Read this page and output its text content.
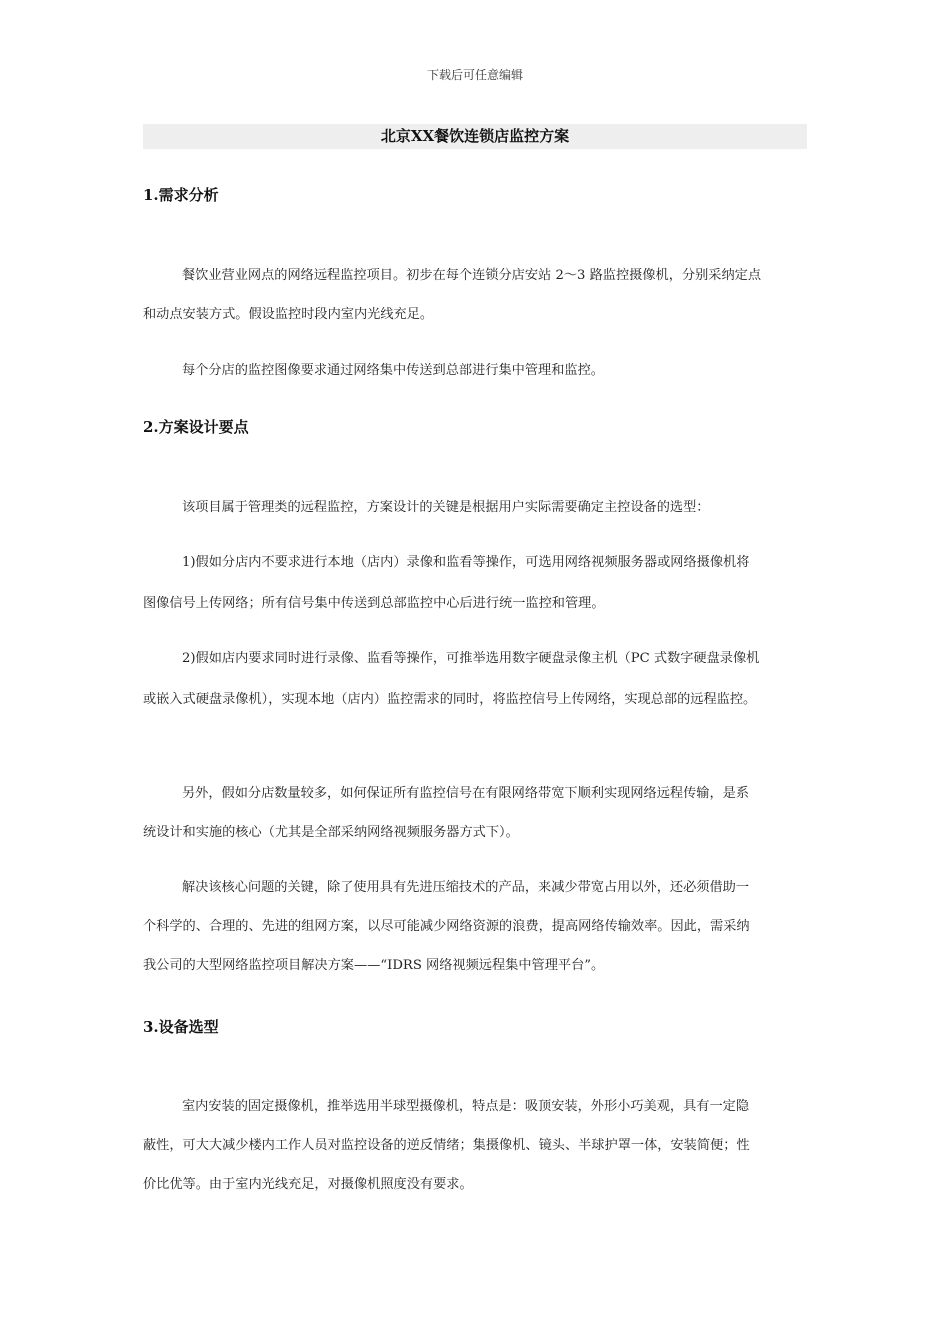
下载后可任意编辑
北京XX餐饮连锁店监控方案
1.需求分析
餐饮业营业网点的网络远程监控项目。初步在每个连锁分店安站 2～3 路监控摄像机，分别采纳定点
和动点安装方式。假设监控时段内室内光线充足。
每个分店的监控图像要求通过网络集中传送到总部进行集中管理和监控。
2.方案设计要点
该项目属于管理类的远程监控，方案设计的关键是根据用户实际需要确定主控设备的选型：
1)假如分店内不要求进行本地（店内）录像和监看等操作，可选用网络视频服务器或网络摄像机将
图像信号上传网络；所有信号集中传送到总部监控中心后进行统一监控和管理。
2)假如店内要求同时进行录像、监看等操作，可推举选用数字硬盘录像主机（PC 式数字硬盘录像机
或嵌入式硬盘录像机），实现本地（店内）监控需求的同时，将监控信号上传网络，实现总部的远程监控。
另外，假如分店数量较多，如何保证所有监控信号在有限网络带宽下顺利实现网络远程传输，是系
统设计和实施的核心（尤其是全部采纳网络视频服务器方式下）。
解决该核心问题的关键，除了使用具有先进压缩技术的产品，来减少带宽占用以外，还必须借助一
个科学的、合理的、先进的组网方案，以尽可能减少网络资源的浪费，提高网络传输效率。因此，需采纳
我公司的大型网络监控项目解决方案——“IDRS 网络视频远程集中管理平台”。
3.设备选型
室内安装的固定摄像机，推举选用半球型摄像机，特点是：吸顶安装，外形小巧美观，具有一定隐
蔽性，可大大减少楼内工作人员对监控设备的逆反情绪；集摄像机、镜头、半球护罩一体，安装简便；性
价比优等。由于室内光线充足，对摄像机照度没有要求。
